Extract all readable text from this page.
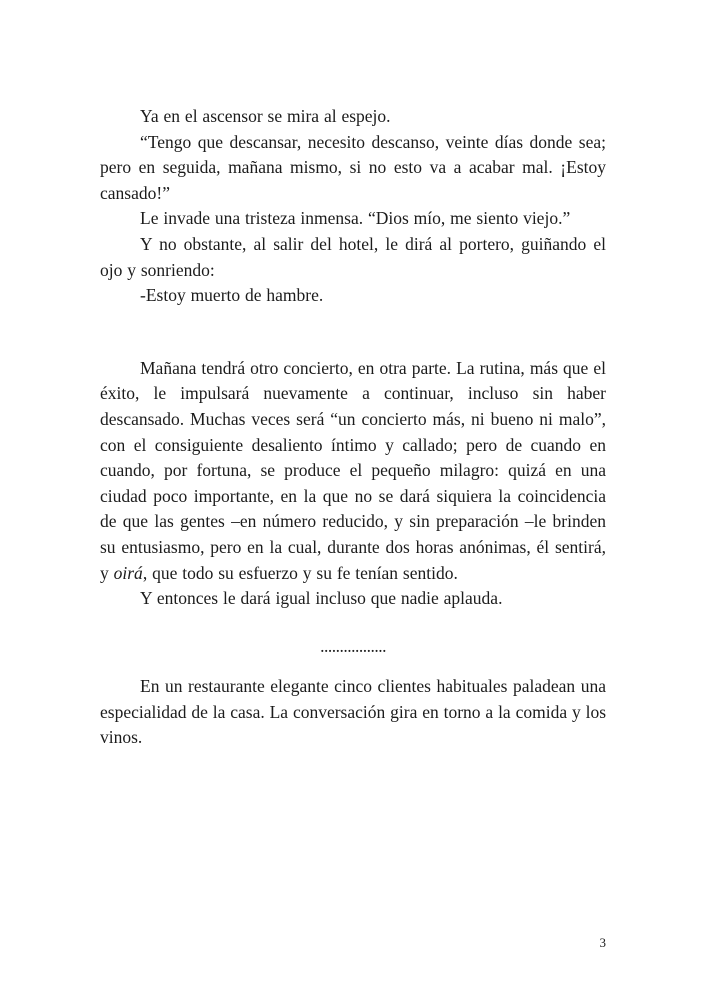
Ya en el ascensor se mira al espejo.

“Tengo que descansar, necesito descanso, veinte días donde sea; pero en seguida, mañana mismo, si no esto va a acabar mal. ¡Estoy cansado!”

Le invade una tristeza inmensa. “Dios mío, me siento viejo.”

Y no obstante, al salir del hotel, le dirá al portero, guiñando el ojo y sonriendo:

-Estoy muerto de hambre.

Mañana tendrá otro concierto, en otra parte. La rutina, más que el éxito, le impulsará nuevamente a continuar, incluso sin haber descansado. Muchas veces será “un concierto más, ni bueno ni malo”, con el consiguiente desaliento íntimo y callado; pero de cuando en cuando, por fortuna, se produce el pequeño milagro: quizá en una ciudad poco importante, en la que no se dará siquiera la coincidencia de que las gentes –en número reducido, y sin preparación –le brinden su entusiasmo, pero en la cual, durante dos horas anónimas, él sentirá, y oirá, que todo su esfuerzo y su fe tenían sentido.

Y entonces le dará igual incluso que nadie aplauda.

.................

En un restaurante elegante cinco clientes habituales paladean una especialidad de la casa. La conversación gira en torno a la comida y los vinos.

3
